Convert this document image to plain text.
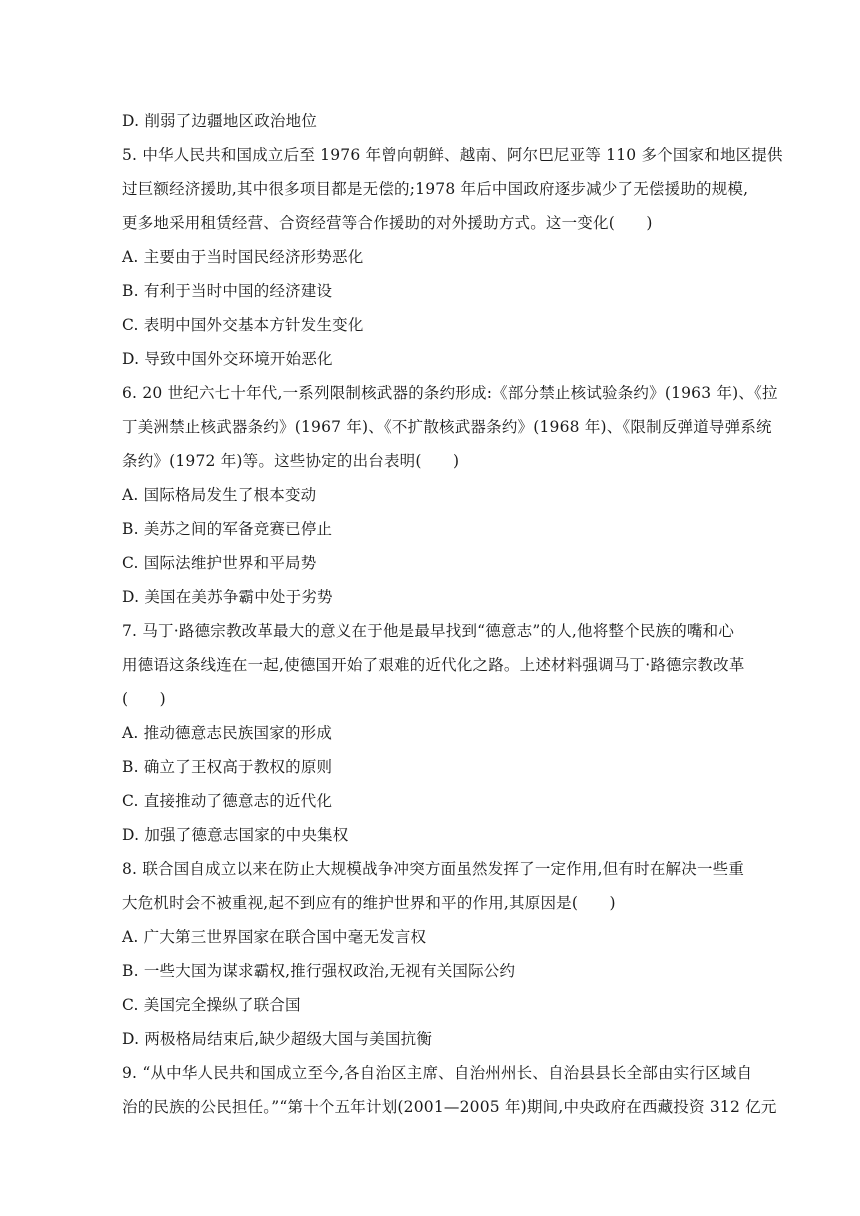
D. 削弱了边疆地区政治地位
5. 中华人民共和国成立后至 1976 年曾向朝鲜、越南、阿尔巴尼亚等 110 多个国家和地区提供
过巨额经济援助,其中很多项目都是无偿的;1978 年后中国政府逐步减少了无偿援助的规模,
更多地采用租赁经营、合资经营等合作援助的对外援助方式。这一变化(　　)
A. 主要由于当时国民经济形势恶化
B. 有利于当时中国的经济建设
C. 表明中国外交基本方针发生变化
D. 导致中国外交环境开始恶化
6. 20 世纪六七十年代,一系列限制核武器的条约形成:《部分禁止核试验条约》(1963 年)、《拉
丁美洲禁止核武器条约》(1967 年)、《不扩散核武器条约》(1968 年)、《限制反弹道导弹系统
条约》(1972 年)等。这些协定的出台表明(　　)
A. 国际格局发生了根本变动
B. 美苏之间的军备竞赛已停止
C. 国际法维护世界和平局势
D. 美国在美苏争霸中处于劣势
7. 马丁·路德宗教改革最大的意义在于他是最早找到“德意志”的人,他将整个民族的嘴和心
用德语这条线连在一起,使德国开始了艰难的近代化之路。上述材料强调马丁·路德宗教改革
(　　)
A. 推动德意志民族国家的形成
B. 确立了王权高于教权的原则
C. 直接推动了德意志的近代化
D. 加强了德意志国家的中央集权
8. 联合国自成立以来在防止大规模战争冲突方面虽然发挥了一定作用,但有时在解决一些重
大危机时会不被重视,起不到应有的维护世界和平的作用,其原因是(　　)
A. 广大第三世界国家在联合国中毫无发言权
B. 一些大国为谋求霸权,推行强权政治,无视有关国际公约
C. 美国完全操纵了联合国
D. 两极格局结束后,缺少超级大国与美国抗衡
9. “从中华人民共和国成立至今,各自治区主席、自治州州长、自治县县长全部由实行区域自
治的民族的公民担任。”“第十个五年计划(2001—2005 年)期间,中央政府在西藏投资 312 亿元
